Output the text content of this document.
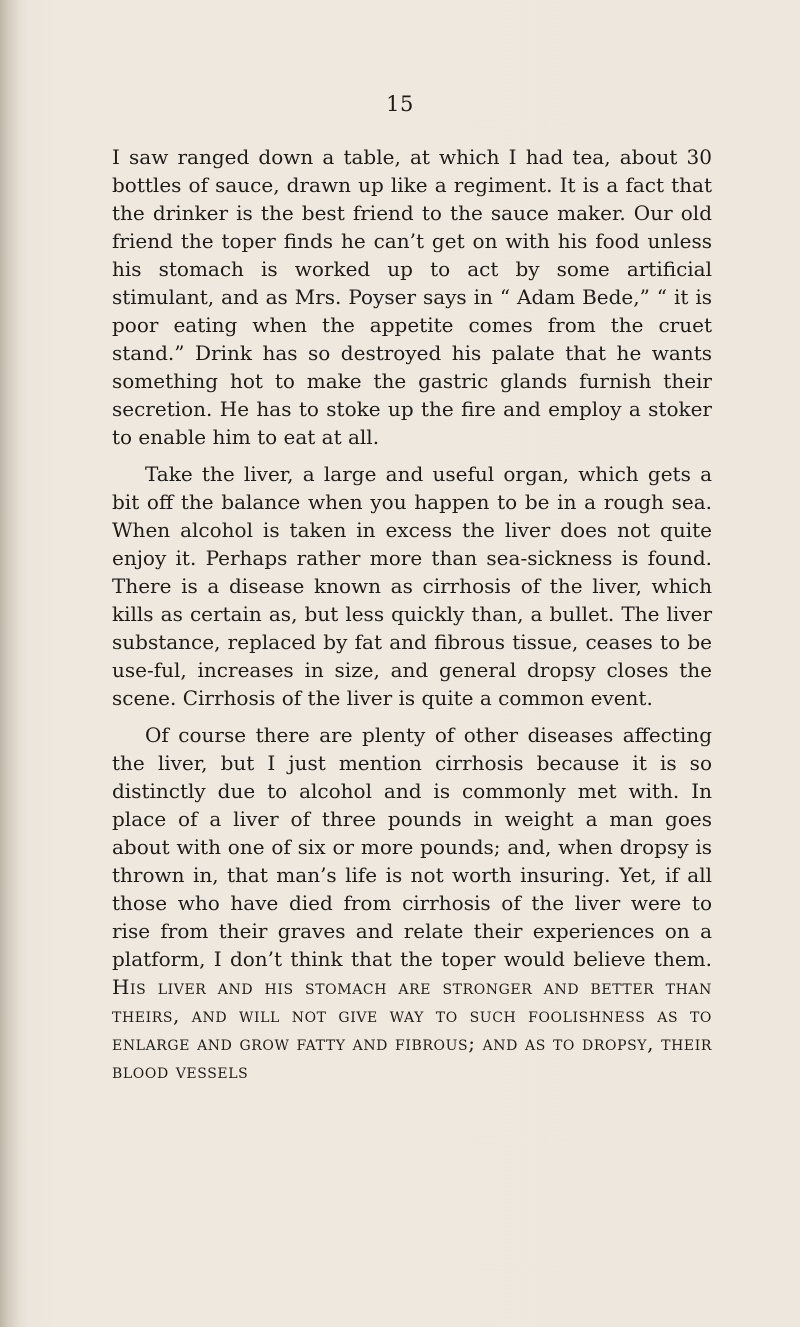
15

I saw ranged down a table, at which I had tea, about 30 bottles of sauce, drawn up like a regiment. It is a fact that the drinker is the best friend to the sauce maker. Our old friend the toper finds he can’t get on with his food unless his stomach is worked up to act by some artificial stimulant, and as Mrs. Poyser says in “ Adam Bede,” “ it is poor eating when the appetite comes from the cruet stand.” Drink has so destroyed his palate that he wants something hot to make the gastric glands furnish their secretion. He has to stoke up the fire and employ a stoker to enable him to eat at all.

Take the liver, a large and useful organ, which gets a bit off the balance when you happen to be in a rough sea. When alcohol is taken in excess the liver does not quite enjoy it. Perhaps rather more than sea-sickness is found. There is a disease known as cirrhosis of the liver, which kills as certain as, but less quickly than, a bullet. The liver substance, replaced by fat and fibrous tissue, ceases to be use-ful, increases in size, and general dropsy closes the scene. Cirrhosis of the liver is quite a common event.

Of course there are plenty of other diseases affecting the liver, but I just mention cirrhosis because it is so distinctly due to alcohol and is commonly met with. In place of a liver of three pounds in weight a man goes about with one of six or more pounds; and, when dropsy is thrown in, that man’s life is not worth insuring. Yet, if all those who have died from cirrhosis of the liver were to rise from their graves and relate their experiences on a platform, I don’t think that the toper would believe them. His liver and his stomach are stronger and better than theirs, and will not give way to such foolishness as to enlarge and grow fatty and fibrous; and as to dropsy, their blood vessels
